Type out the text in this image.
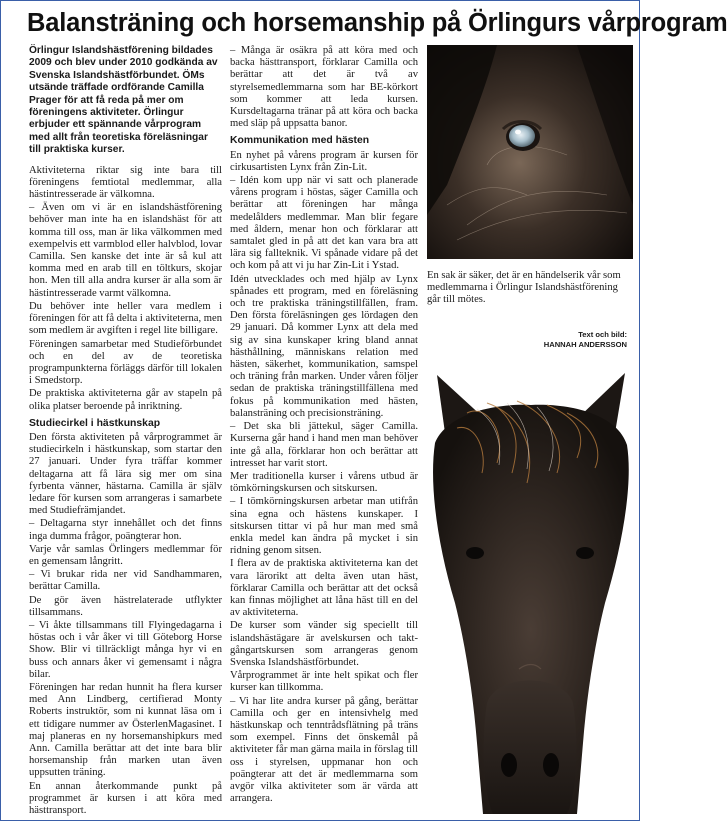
Balansträning och horsemanship på Örlingurs vårprogram

Örlingur Islandshästförening bildades 2009 och blev under 2010 godkända av Svenska Islandshästförbundet. ÖMs utsände träffade ordförande Camilla Prager för att få reda på mer om föreningens aktiviteter. Örlingur erbjuder ett spännande vårprogram med allt från teoretiska föreläsningar till praktiska kurser.

Aktiviteterna riktar sig inte bara till föreningens femtiotal medlemmar, alla hästintresserade är välkomna.

– Även om vi är en islandshästförening behöver man inte ha en islandshäst för att komma till oss, man är lika välkommen med exempelvis ett varmblod eller halvblod, lovar Camilla. Sen kanske det inte är så kul att komma med en arab till en töltkurs, skojar hon. Men till alla andra kurser är alla som är hästintresserade varmt välkomna.

Du behöver inte heller vara medlem i föreningen för att få delta i aktiviteterna, men som medlem är avgiften i regel lite billigare.

Föreningen samarbetar med Studieförbundet och en del av de teoretiska programpunkterna förläggs därför till lokalen i Smedstorp.

De praktiska aktiviteterna går av stapeln på olika platser beroende på inriktning.

Studiecirkel i hästkunskap

Den första aktiviteten på vårprogrammet är studiecirkeln i hästkunskap, som startar den 27 januari. Under fyra träffar kommer deltagarna att få lära sig mer om sina fyrbenta vänner, hästarna. Camilla är själv ledare för kursen som arrangeras i samarbete med Studiefrämjandet.

– Deltagarna styr innehållet och det finns inga dumma frågor, poängterar hon.

Varje vår samlas Örlingers medlemmar för en gemensam långritt.

– Vi brukar rida ner vid Sandhammaren, berättar Camilla.

De gör även hästrelaterade utflykter tillsammans.

– Vi åkte tillsammans till Flyingedagarna i höstas och i vår åker vi till Göteborg Horse Show. Blir vi tillräckligt många hyr vi en buss och annars åker vi gemensamt i några bilar.

Föreningen har redan hunnit ha flera kurser med Ann Lindberg, certifierad Monty Roberts instruktör, som ni kunnat läsa om i ett tidigare nummer av ÖsterlenMagasinet. I maj planeras en ny horsemanshipkurs med Ann. Camilla berättar att det inte bara blir horsemanship från marken utan även uppsutten träning.

En annan återkommande punkt på programmet är kursen i att köra med hästtransport.

– Många är osäkra på att köra med och backa hästtransport, förklarar Camilla och berättar att det är två av styrelsemedlemmarna som har BE-körkort som kommer att leda kursen. Kursdeltagarna tränar på att köra och backa med släp på uppsatta banor.

Kommunikation med hästen

En nyhet på vårens program är kursen för cirkusartisten Lynx från Zin-Lit.

– Idén kom upp när vi satt och planerade vårens program i höstas, säger Camilla och berättar att föreningen har många medelålders medlemmar. Man blir fegare med åldern, menar hon och förklarar att samtalet gled in på att det kan vara bra att lära sig fallteknik. Vi spånade vidare på det och kom på att vi ju har Zin-Lit i Ystad.

Idén utvecklades och med hjälp av Lynx spånades ett program, med en föreläsning och tre praktiska träningstillfällen, fram. Den första föreläsningen ges lördagen den 29 januari. Då kommer Lynx att dela med sig av sina kunskaper kring bland annat hästhållning, människans relation med hästen, säkerhet, kommunikation, samspel och träning från marken. Under våren följer sedan de praktiska träningstillfällena med fokus på kommunikation med hästen, balansträning och precisionsträning.

– Det ska bli jättekul, säger Camilla. Kurserna går hand i hand men man behöver inte gå alla, förklarar hon och berättar att intresset har varit stort.

Mer traditionella kurser i vårens utbud är tömkörningskursen och sitskursen.

– I tömkörningskursen arbetar man utifrån sina egna och hästens kunskaper. I sitskursen tittar vi på hur man med små enkla medel kan ändra på mycket i sin ridning genom sitsen.

I flera av de praktiska aktiviteterna kan det vara lärorikt att delta även utan häst, förklarar Camilla och berättar att det också kan finnas möjlighet att låna häst till en del av aktiviteterna.

De kurser som vänder sig speciellt till islandshästägare är avelskursen och takt- gångartskursen som arrangeras genom Svenska Islandshästförbundet.

Vårprogrammet är inte helt spikat och fler kurser kan tillkomma.

– Vi har lite andra kurser på gång, berättar Camilla och ger en intensivhelg med hästkunskap och tenntrådsflätning på träns som exempel. Finns det önskemål på aktiviteter får man gärna maila in förslag till oss i styrelsen, uppmanar hon och poängterar att det är medlemmarna som avgör vilka aktiviteter som är värda att arrangera.

En sak är säker, det är en händelserik vår som medlemmarna i Örlingur Islandshästförening går till mötes.
Text och bild:
HANNAH ANDERSSON
